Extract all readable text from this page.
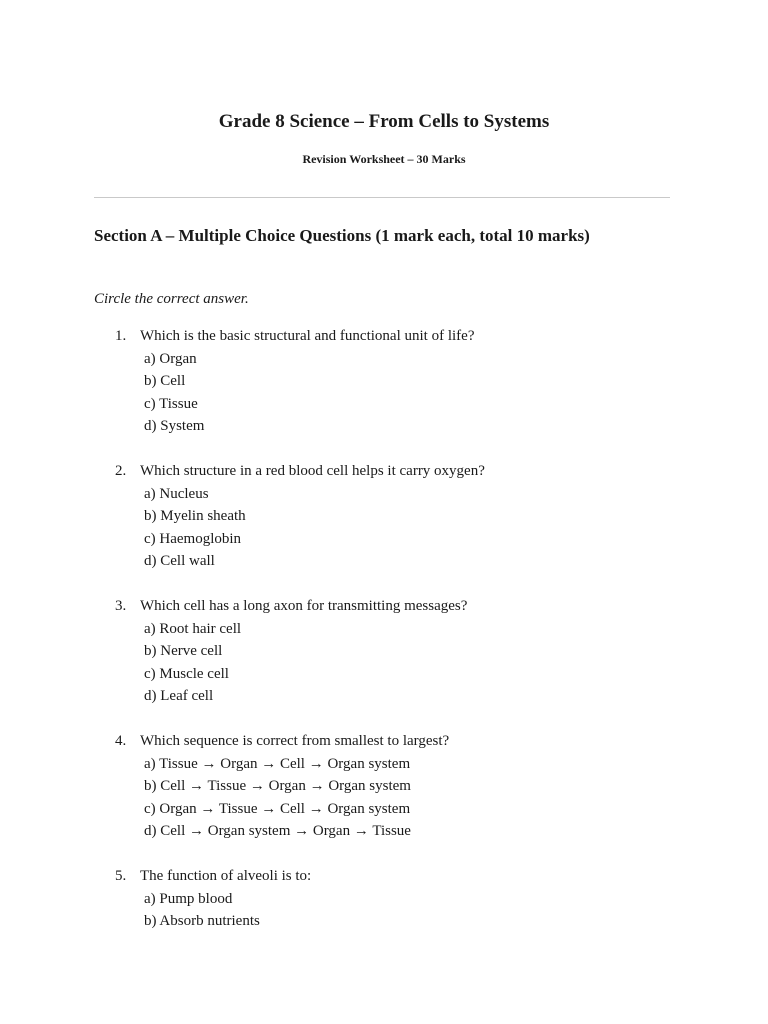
Grade 8 Science – From Cells to Systems

Revision Worksheet – 30 Marks

Section A – Multiple Choice Questions (1 mark each, total 10 marks)

Circle the correct answer.

1. Which is the basic structural and functional unit of life?
a) Organ
b) Cell
c) Tissue
d) System
2. Which structure in a red blood cell helps it carry oxygen?
a) Nucleus
b) Myelin sheath
c) Haemoglobin
d) Cell wall
3. Which cell has a long axon for transmitting messages?
a) Root hair cell
b) Nerve cell
c) Muscle cell
d) Leaf cell
4. Which sequence is correct from smallest to largest?
a) Tissue → Organ → Cell → Organ system
b) Cell → Tissue → Organ → Organ system
c) Organ → Tissue → Cell → Organ system
d) Cell → Organ system → Organ → Tissue
5. The function of alveoli is to:
a) Pump blood
b) Absorb nutrients
